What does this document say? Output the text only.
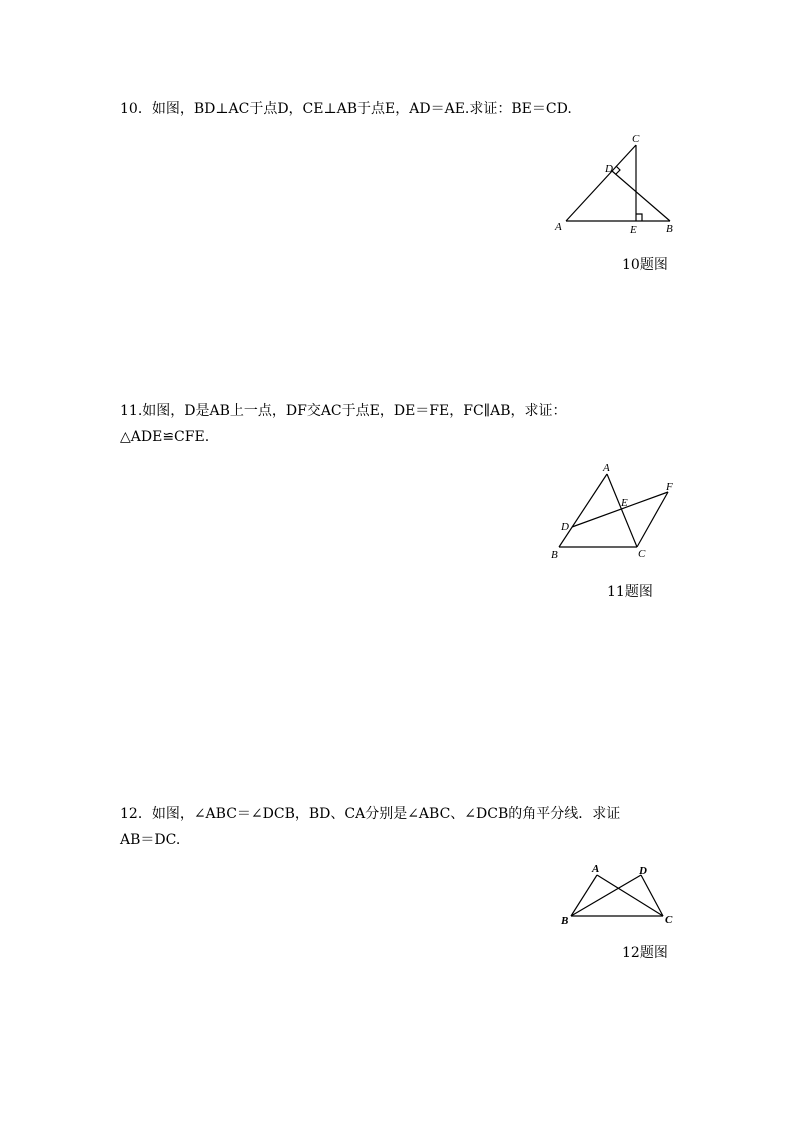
10．如图，BD⊥AC于点D，CE⊥AB于点E，AD＝AE.求证：BE＝CD.
C
D
A	E	B
10题图
11.如图，D是AB上一点，DF交AC于点E，DE＝FE，FC∥AB，求证：
△ADE≌CFE.
A
F
E
D
B	C
11题图
12．如图，∠ABC＝∠DCB，BD、CA分别是∠ABC、∠DCB的角平分线．求证
AB＝DC.
A	D
B	C
12题图
